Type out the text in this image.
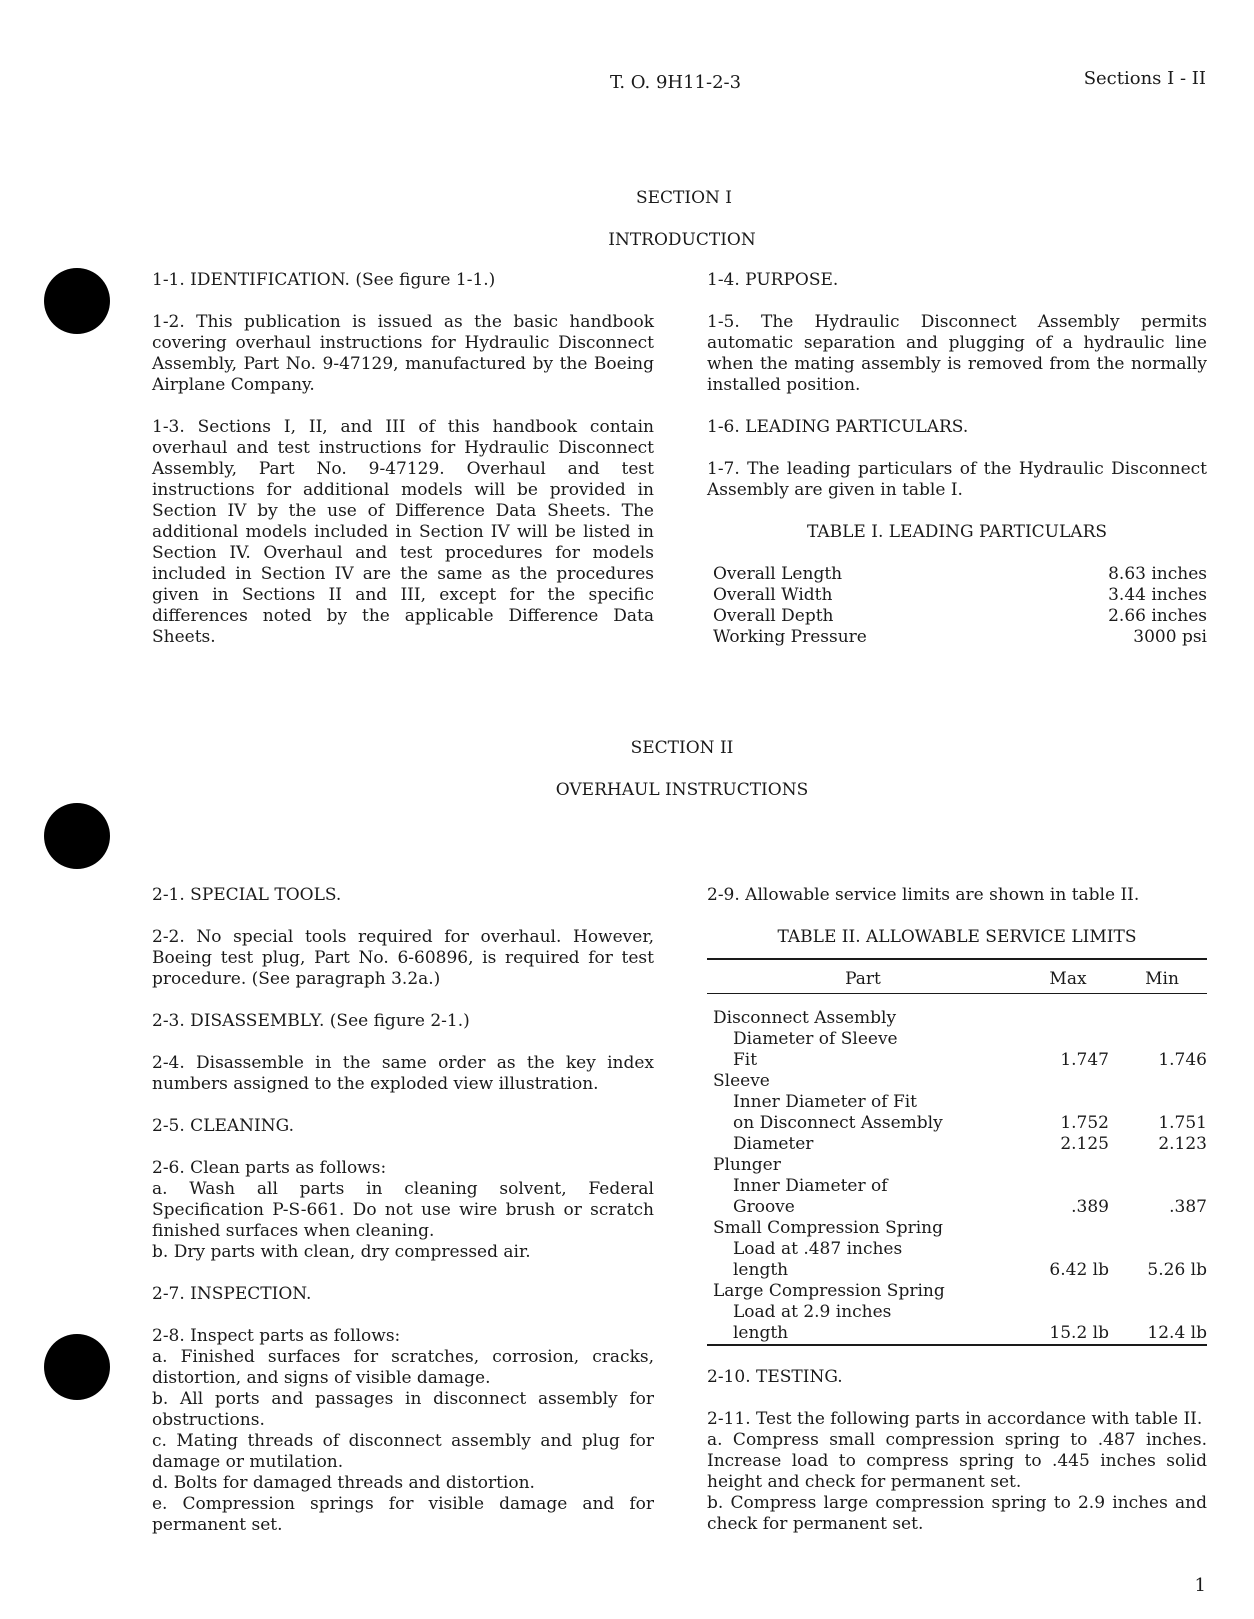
T. O. 9H11-2-3	Sections I - II
SECTION I
INTRODUCTION

1-1. IDENTIFICATION. (See figure 1-1.)

1-2. This publication is issued as the basic handbook covering overhaul instructions for Hydraulic Disconnect Assembly, Part No. 9-47129, manufactured by the Boeing Airplane Company.

1-3. Sections I, II, and III of this handbook contain overhaul and test instructions for Hydraulic Disconnect Assembly, Part No. 9-47129. Overhaul and test instructions for additional models will be provided in Section IV by the use of Difference Data Sheets. The additional models included in Section IV will be listed in Section IV. Overhaul and test procedures for models included in Section IV are the same as the procedures given in Sections II and III, except for the specific differences noted by the applicable Difference Data Sheets.

1-4. PURPOSE.

1-5. The Hydraulic Disconnect Assembly permits automatic separation and plugging of a hydraulic line when the mating assembly is removed from the normally installed position.

1-6. LEADING PARTICULARS.

1-7. The leading particulars of the Hydraulic Disconnect Assembly are given in table I.

TABLE I. LEADING PARTICULARS

Overall Length	8.63 inches
Overall Width	3.44 inches
Overall Depth	2.66 inches
Working Pressure	3000 psi
SECTION II
OVERHAUL INSTRUCTIONS

2-1. SPECIAL TOOLS.

2-2. No special tools required for overhaul. However, Boeing test plug, Part No. 6-60896, is required for test procedure. (See paragraph 3.2a.)

2-3. DISASSEMBLY. (See figure 2-1.)

2-4. Disassemble in the same order as the key index numbers assigned to the exploded view illustration.

2-5. CLEANING.

2-6. Clean parts as follows:

a. Wash all parts in cleaning solvent, Federal Specification P-S-661. Do not use wire brush or scratch finished surfaces when cleaning.

b. Dry parts with clean, dry compressed air.

2-7. INSPECTION.

2-8. Inspect parts as follows:

a. Finished surfaces for scratches, corrosion, cracks, distortion, and signs of visible damage.

b. All ports and passages in disconnect assembly for obstructions.

c. Mating threads of disconnect assembly and plug for damage or mutilation.

d. Bolts for damaged threads and distortion.

e. Compression springs for visible damage and for permanent set.

2-9. Allowable service limits are shown in table II.

TABLE II. ALLOWABLE SERVICE LIMITS

Part	Max	Min

Disconnect Assembly		
Diameter of Sleeve		
Fit	1.747	1.746
Sleeve		
Inner Diameter of Fit		
on Disconnect Assembly	1.752	1.751
Diameter	2.125	2.123
Plunger		
Inner Diameter of		
Groove	.389	.387
Small Compression Spring		
Load at .487 inches		
length	6.42 lb	5.26 lb
Large Compression Spring		
Load at 2.9 inches		
length	15.2 lb	12.4 lb

2-10. TESTING.

2-11. Test the following parts in accordance with table II.

a. Compress small compression spring to .487 inches. Increase load to compress spring to .445 inches solid height and check for permanent set.

b. Compress large compression spring to 2.9 inches and check for permanent set.

1
